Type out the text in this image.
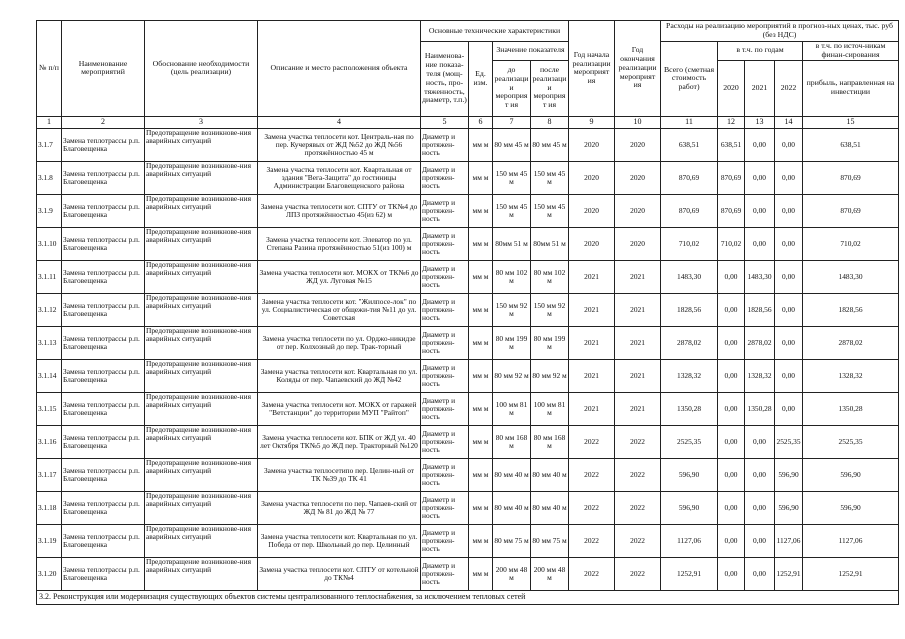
№ п/п	Наименование мероприятий	Обоснование необходимости (цель реализации)	Описание и место расположения объекта	Основные технические характеристики				Год начала реализации мероприят ия	Год окончания реализации мероприят ия	Расходы на реализацию мероприятий в прогноз-ных ценах, тыс. руб (без НДС)				
				Наименова-ние показа-теля (мощ-ность, про-тяженность, диаметр, т.п.)	Ед. изм.	Значение показателя				Всего (сметная стоимость работ)	в т.ч. по годам			в т.ч. по источ-никам финан-сирования
						до реализации мероприят ия	после реализации мероприят ия				2020	2021	2022	прибыль, направленная на инвестиции

1	2	3	4	5	6	7	8	9	10	11	12	13	14	15
3.1.7	Замена теплотрассы р.п. Благовещенка	Предотвращение возникнове-ния аварийных ситуаций	Замена участка теплосети кот. Централь-ная по пер. Кучерявых от ЖД №52 до ЖД №56 протяжённостью 45 м	Диаметр и протяжен-ность	мм м	80 мм 45 м	80 мм 45 м	2020	2020	638,51	638,51	0,00	0,00	638,51
3.1.8	Замена теплотрассы р.п. Благовещенка	Предотвращение возникнове-ния аварийных ситуаций	Замена участка теплосети кот. Квартальная от здания "Вега-Защита" до гостиницы Администрации Благовещенского района	Диаметр и протяжен-ность	мм м	150 мм 45 м	150 мм 45 м	2020	2020	870,69	870,69	0,00	0,00	870,69
3.1.9	Замена теплотрассы р.п. Благовещенка	Предотвращение возникнове-ния аварийных ситуаций	Замена участка теплосети кот. СПТУ от ТК№4 до ЛПЗ протяжённостью 45(из 62) м	Диаметр и протяжен-ность	мм м	150 мм 45 м	150 мм 45 м	2020	2020	870,69	870,69	0,00	0,00	870,69
3.1.10	Замена теплотрассы р.п. Благовещенка	Предотвращение возникнове-ния аварийных ситуаций	Замена участка теплосети кот. Элеватор по ул. Степана Разина протяжённостью 51(из 100) м	Диаметр и протяжен-ность	мм м	80мм 51 м	80мм 51 м	2020	2020	710,02	710,02	0,00	0,00	710,02
3.1.11	Замена теплотрассы р.п. Благовещенка	Предотвращение возникнове-ния аварийных ситуаций	Замена участка теплосети кот. МОКХ от ТК№6 до ЖД ул. Луговая №15	Диаметр и протяжен-ность	мм м	80 мм 102 м	80 мм 102 м	2021	2021	1483,30	0,00	1483,30	0,00	1483,30
3.1.12	Замена теплотрассы р.п. Благовещенка	Предотвращение возникнове-ния аварийных ситуаций	Замена участка теплосети кот. "Жилпосе-лок" по ул. Социалистическая от общежи-тия №11 до ул. Советская	Диаметр и протяжен-ность	мм м	150 мм 92 м	150 мм 92 м	2021	2021	1828,56	0,00	1828,56	0,00	1828,56
3.1.13	Замена теплотрассы р.п. Благовещенка	Предотвращение возникнове-ния аварийных ситуаций	Замена участка теплосети по ул. Орджо-никидзе от пер. Колхозный до пер. Трак-торный	Диаметр и протяжен-ность	мм м	80 мм 199 м	80 мм 199 м	2021	2021	2878,02	0,00	2878,02	0,00	2878,02
3.1.14	Замена теплотрассы р.п. Благовещенка	Предотвращение возникнове-ния аварийных ситуаций	Замена участка теплосети кот. Квартальная по ул. Коляды от пер. Чапаевский до ЖД №42	Диаметр и протяжен-ность	мм м	80 мм 92 м	80 мм 92 м	2021	2021	1328,32	0,00	1328,32	0,00	1328,32
3.1.15	Замена теплотрассы р.п. Благовещенка	Предотвращение возникнове-ния аварийных ситуаций	Замена участка теплосети кот. МОКХ от гаражей "Ветстанции" до территории МУП "Райтоп"	Диаметр и протяжен-ность	мм м	100 мм 81 м	100 мм 81 м	2021	2021	1350,28	0,00	1350,28	0,00	1350,28
3.1.16	Замена теплотрассы р.п. Благовещенка	Предотвращение возникнове-ния аварийных ситуаций	Замена участка теплосети кот. БПК от ЖД ул. 40 лет Октября ТК№5 до ЖД пер. Тракторный №120	Диаметр и протяжен-ность	мм м	80 мм 168 м	80 мм 168 м	2022	2022	2525,35	0,00	0,00	2525,35	2525,35
3.1.17	Замена теплотрассы р.п. Благовещенка	Предотвращение возникнове-ния аварийных ситуаций	Замена участка теплосетипо пер. Целин-ный от ТК №39 до ТК 41	Диаметр и протяжен-ность	мм м	80 мм 40 м	80 мм 40 м	2022	2022	596,90	0,00	0,00	596,90	596,90
3.1.18	Замена теплотрассы р.п. Благовещенка	Предотвращение возникнове-ния аварийных ситуаций	Замена участка теплосети по пер. Чапаев-ский от ЖД № 81 до ЖД № 77	Диаметр и протяжен-ность	мм м	80 мм 40 м	80 мм 40 м	2022	2022	596,90	0,00	0,00	596,90	596,90
3.1.19	Замена теплотрассы р.п. Благовещенка	Предотвращение возникнове-ния аварийных ситуаций	Замена участка теплосети кот. Квартальная по ул. Победа от пер. Школьный до пер. Целинный	Диаметр и протяжен-ность	мм м	80 мм 75 м	80 мм 75 м	2022	2022	1127,06	0,00	0,00	1127,06	1127,06
3.1.20	Замена теплотрассы р.п. Благовещенка	Предотвращение возникнове-ния аварийных ситуаций	Замена участка теплосети кот. СПТУ от котельной до ТК№4	Диаметр и протяжен-ность	мм м	200 мм 48 м	200 мм 48 м	2022	2022	1252,91	0,00	0,00	1252,91	1252,91
3.2. Реконструкция или модернизация существующих объектов системы централизованного теплоснабжения, за исключением тепловых сетей														
